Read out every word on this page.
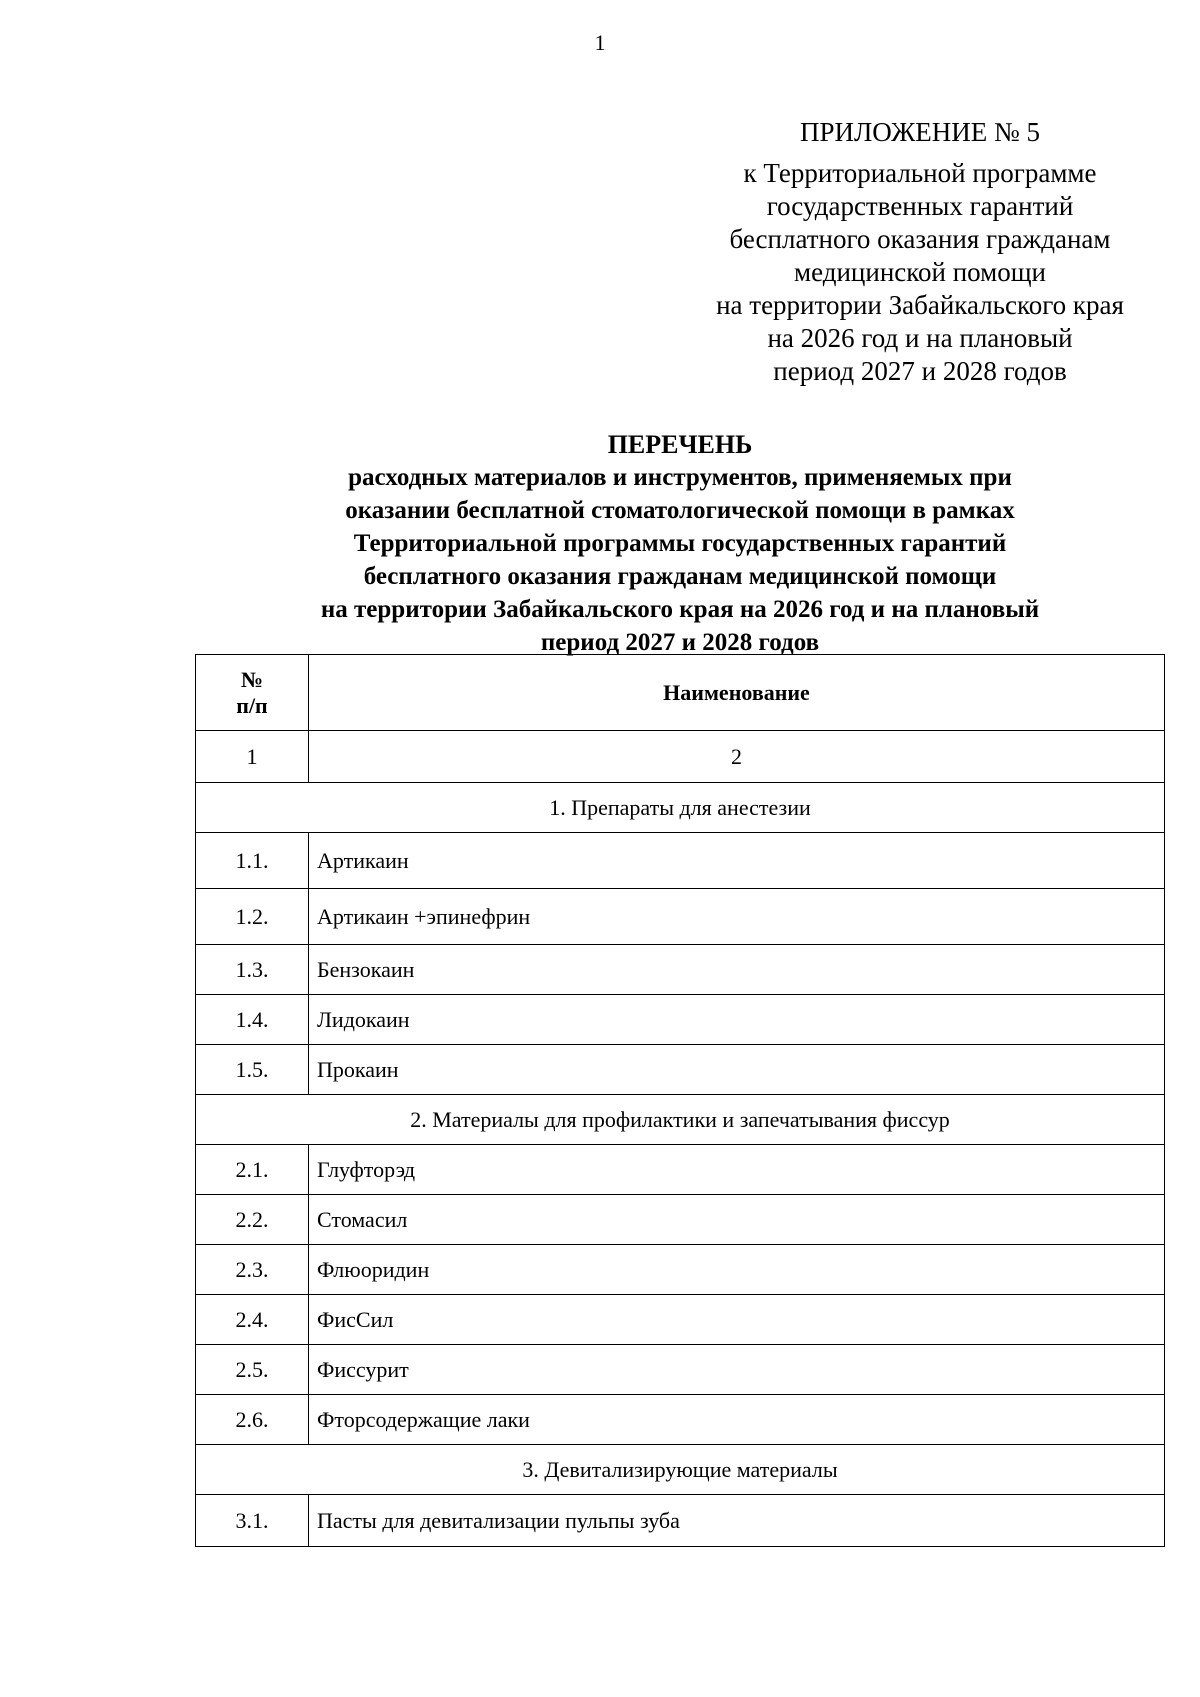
1
ПРИЛОЖЕНИЕ № 5
к Территориальной программе
государственных гарантий
бесплатного оказания гражданам
медицинской помощи
на территории Забайкальского края
на 2026 год и на плановый
период 2027 и 2028 годов
ПЕРЕЧЕНЬ
расходных материалов и инструментов, применяемых при
оказании бесплатной стоматологической помощи в рамках
Территориальной программы государственных гарантий
бесплатного оказания гражданам медицинской помощи
на территории Забайкальского края на 2026 год и на плановый
период 2027 и 2028 годов
№
п/п	Наименование
1	2
1. Препараты для анестезии	
1.1.	Артикаин
1.2.	Артикаин +эпинефрин
1.3.	Бензокаин
1.4.	Лидокаин
1.5.	Прокаин
2. Материалы для профилактики и запечатывания фиссур	
2.1.	Глуфторэд
2.2.	Стомасил
2.3.	Флюоридин
2.4.	ФисСил
2.5.	Фиссурит
2.6.	Фторсодержащие лаки
3. Девитализирующие материалы	
3.1.	Пасты для девитализации пульпы зуба
